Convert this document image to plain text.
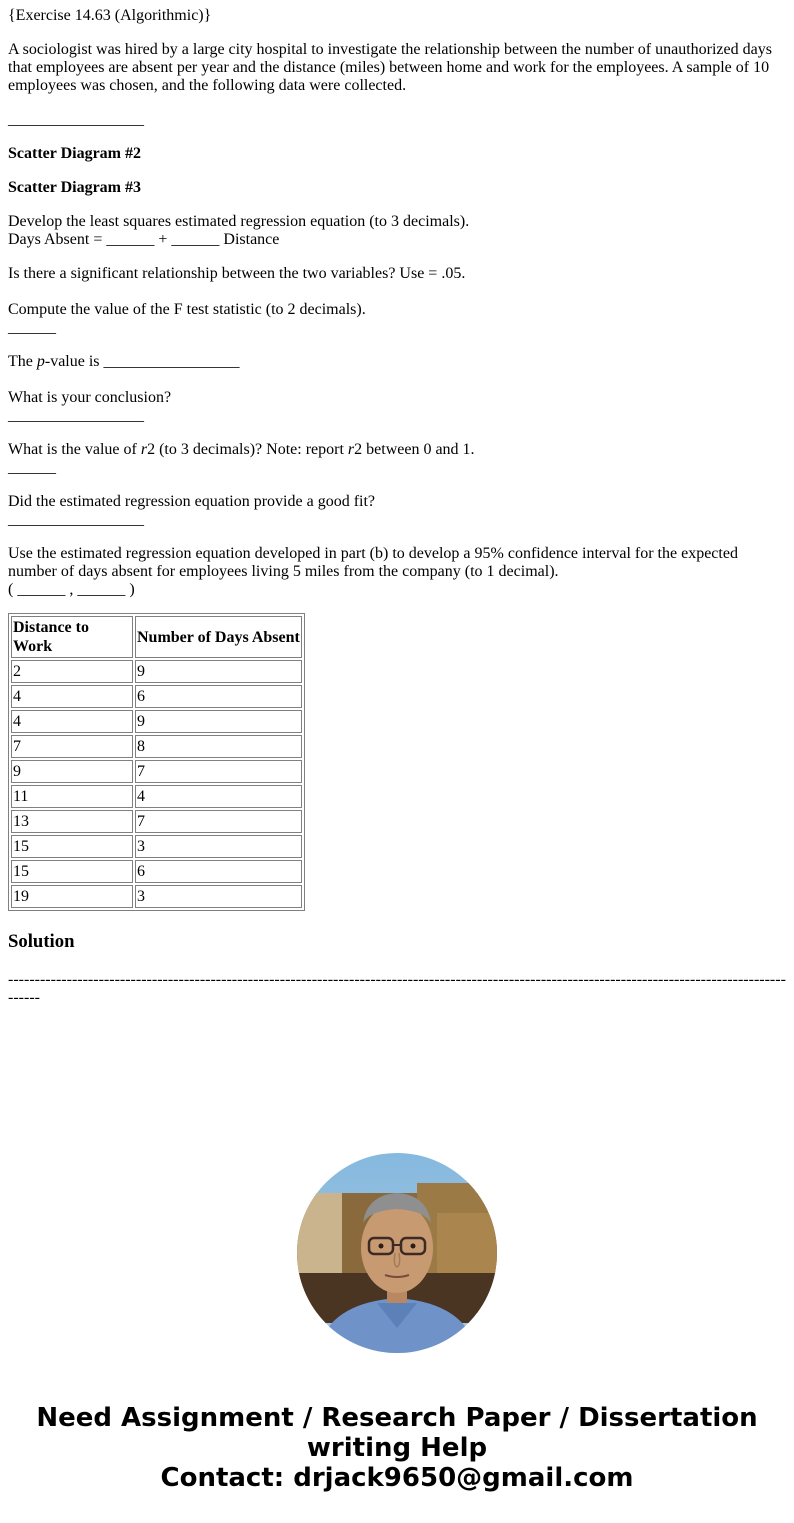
{Exercise 14.63 (Algorithmic)}

A sociologist was hired by a large city hospital to investigate the relationship between the number of unauthorized days that employees are absent per year and the distance (miles) between home and work for the employees. A sample of 10 employees was chosen, and the following data were collected.

_________________

Scatter Diagram #2

Scatter Diagram #3

Develop the least squares estimated regression equation (to 3 decimals).
Days Absent = ______ + ______ Distance

Is there a significant relationship between the two variables? Use = .05.

Compute the value of the F test statistic (to 2 decimals).
______

The p-value is _________________

What is your conclusion?
_________________

What is the value of r2 (to 3 decimals)? Note: report r2 between 0 and 1.
______

Did the estimated regression equation provide a good fit?
_________________

Use the estimated regression equation developed in part (b) to develop a 95% confidence interval for the expected number of days absent for employees living 5 miles from the company (to 1 decimal).
( ______ , ______ )

Distance to Work	Number of Days Absent
2	9
4	6
4	9
7	8
9	7
11	4
13	7
15	3
15	6
19	3
Solution

--------------------------------------------------------------------------------------------------------------------------------------------------------

Need Assignment / Research Paper / Dissertation
writing Help
Contact: drjack9650@gmail.com
